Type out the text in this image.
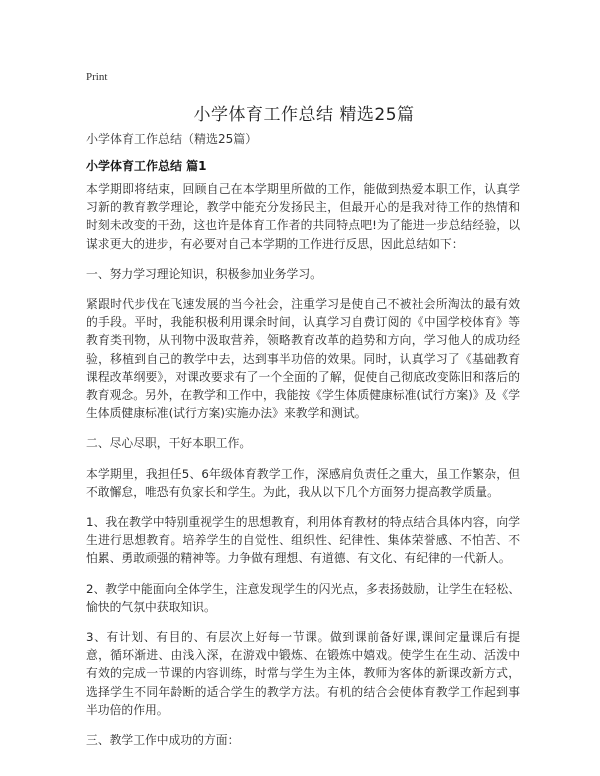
Print
小学体育工作总结 精选25篇
小学体育工作总结（精选25篇）
小学体育工作总结 篇1

本学期即将结束，回顾自己在本学期里所做的工作，能做到热爱本职工作，认真学习新的教育教学理论，教学中能充分发扬民主，但最开心的是我对待工作的热情和时刻未改变的干劲，这也许是体育工作者的共同特点吧!为了能进一步总结经验，以谋求更大的进步，有必要对自己本学期的工作进行反思，因此总结如下：

一、努力学习理论知识，积极参加业务学习。

紧跟时代步伐在飞速发展的当今社会，注重学习是使自己不被社会所淘汰的最有效的手段。平时，我能积极利用课余时间，认真学习自费订阅的《中国学校体育》等教育类刊物，从刊物中汲取营养，领略教育改革的趋势和方向，学习他人的成功经验，移植到自己的教学中去，达到事半功倍的效果。同时，认真学习了《基础教育课程改革纲要》，对课改要求有了一个全面的了解，促使自己彻底改变陈旧和落后的教育观念。另外，在教学和工作中，我能按《学生体质健康标准(试行方案)》及《学生体质健康标准(试行方案)实施办法》来教学和测试。

二、尽心尽职，干好本职工作。

本学期里，我担任5、6年级体育教学工作，深感肩负责任之重大，虽工作繁杂，但不敢懈怠，唯恐有负家长和学生。为此，我从以下几个方面努力提高教学质量。

1、我在教学中特别重视学生的思想教育，利用体育教材的特点结合具体内容，向学生进行思想教育。培养学生的自觉性、组织性、纪律性、集体荣誉感、不怕苦、不怕累、勇敢顽强的精神等。力争做有理想、有道德、有文化、有纪律的一代新人。

2、教学中能面向全体学生，注意发现学生的闪光点，多表扬鼓励，让学生在轻松、愉快的气氛中获取知识。

3、有计划、有目的、有层次上好每一节课。做到课前备好课,课间定量课后有提意，循环渐进、由浅入深，在游戏中锻炼、在锻炼中嬉戏。使学生在生动、活泼中有效的完成一节课的内容训练，时常与学生为主体，教师为客体的新课改新方式，选择学生不同年龄断的适合学生的教学方法。有机的结合会使体育教学工作起到事半功倍的作用。

三、教学工作中成功的方面：
